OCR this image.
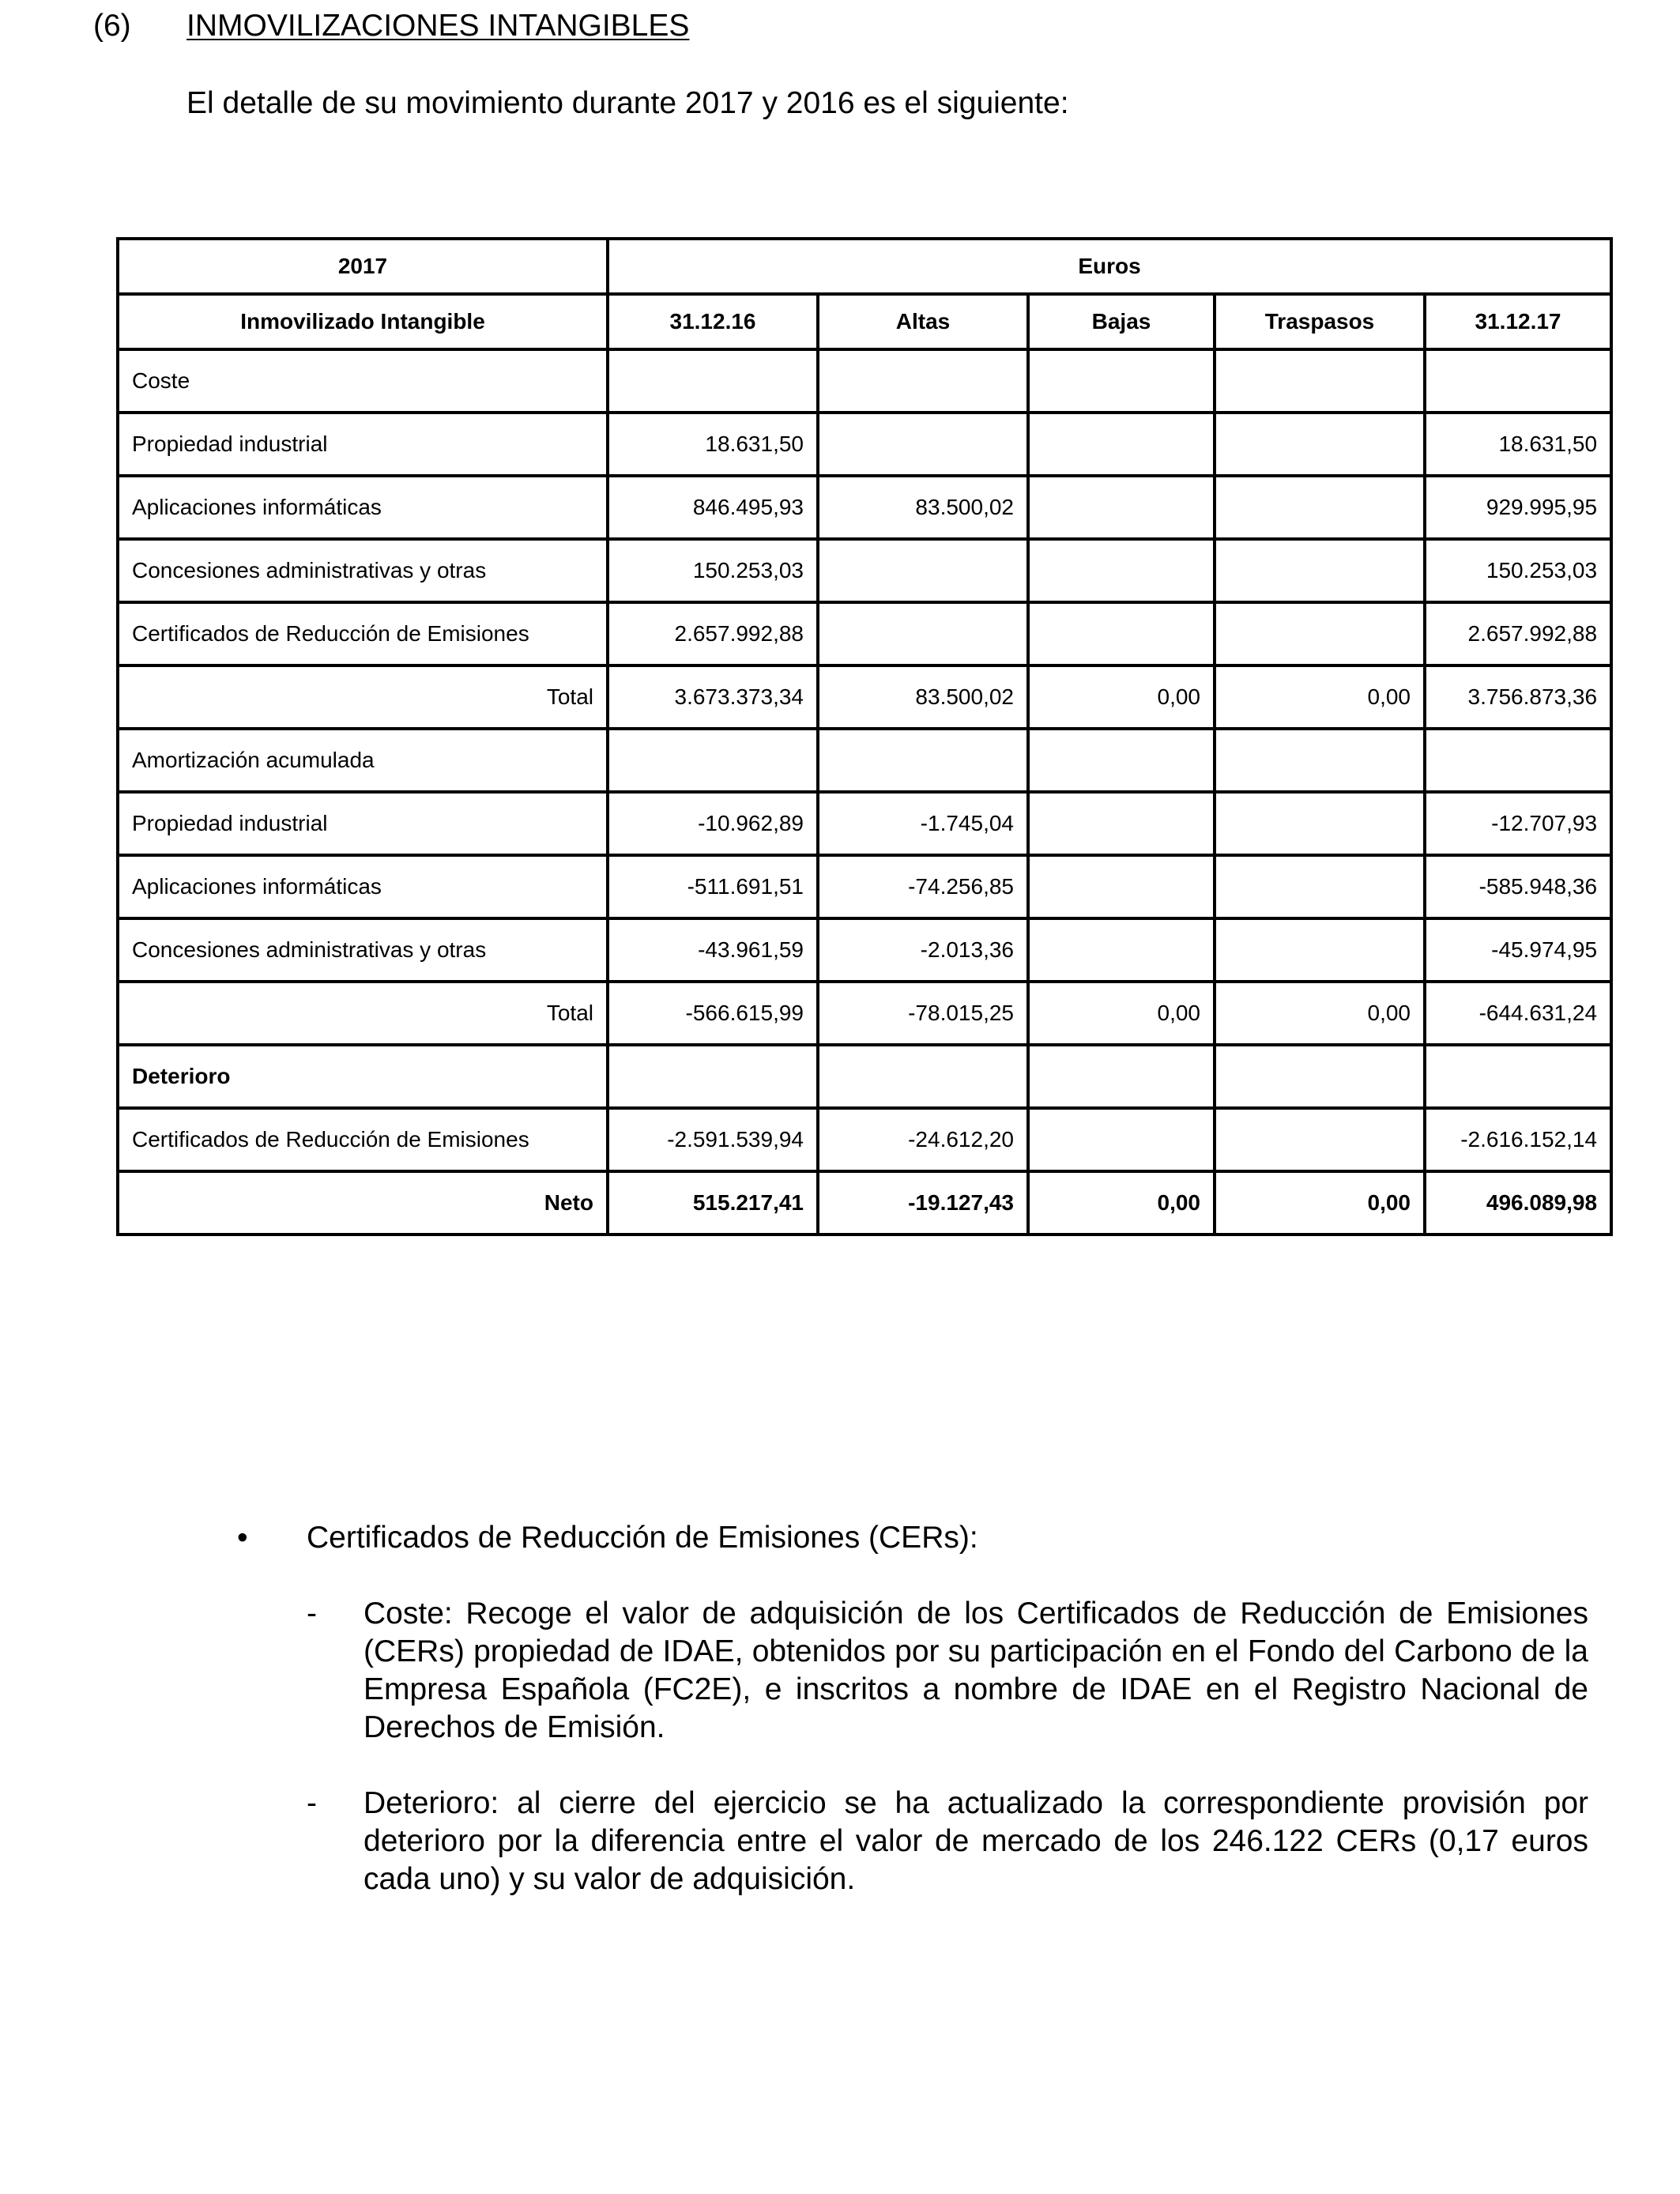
(6) INMOVILIZACIONES INTANGIBLES
El detalle de su movimiento durante 2017 y 2016 es el siguiente:
2017	Euros				
Inmovilizado Intangible	31.12.16	Altas	Bajas	Traspasos	31.12.17
Coste					
Propiedad industrial	18.631,50				18.631,50
Aplicaciones informáticas	846.495,93	83.500,02			929.995,95
Concesiones administrativas y otras	150.253,03				150.253,03
Certificados de Reducción de Emisiones	2.657.992,88				2.657.992,88
Total	3.673.373,34	83.500,02	0,00	0,00	3.756.873,36
Amortización acumulada					
Propiedad industrial	-10.962,89	-1.745,04			-12.707,93
Aplicaciones informáticas	-511.691,51	-74.256,85			-585.948,36
Concesiones administrativas y otras	-43.961,59	-2.013,36			-45.974,95
Total	-566.615,99	-78.015,25	0,00	0,00	-644.631,24
Deterioro					
Certificados de Reducción de Emisiones	-2.591.539,94	-24.612,20			-2.616.152,14
Neto	515.217,41	-19.127,43	0,00	0,00	496.089,98
• Certificados de Reducción de Emisiones (CERs):
- Coste: Recoge el valor de adquisición de los Certificados de Reducción de Emisiones (CERs) propiedad de IDAE, obtenidos por su participación en el Fondo del Carbono de la Empresa Española (FC2E), e inscritos a nombre de IDAE en el Registro Nacional de Derechos de Emisión.
- Deterioro: al cierre del ejercicio se ha actualizado la correspondiente provisión por deterioro por la diferencia entre el valor de mercado de los 246.122 CERs (0,17 euros cada uno) y su valor de adquisición.
